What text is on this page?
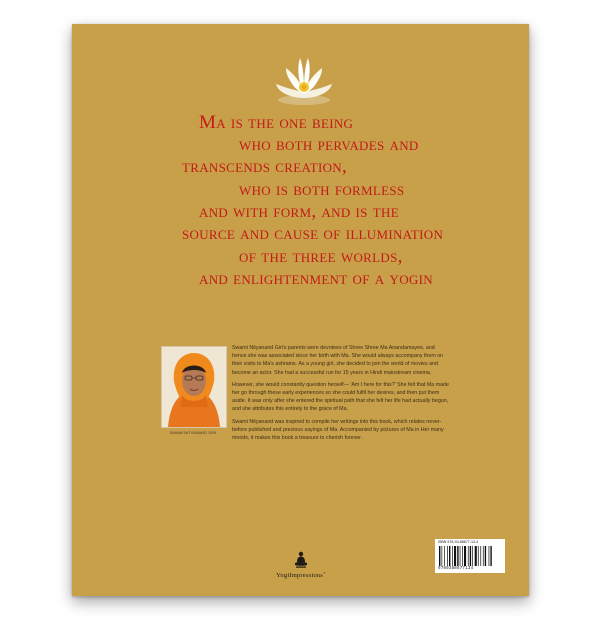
Ma is the one being
who both pervades and
transcends creation,
who is both formless
and with form, and is the
source and cause of illumination
of the three worlds,
and enlightenment of a yogin
SWAMI NITYANAND GIRI

Swami Nityanand Giri's parents were devotees of Shree Shree Ma Anandamayee, and hence she was associated since her birth with Ma. She would always accompany them on their visits to Ma's ashrams. As a young girl, she decided to join the world of movies and become an actor. She had a successful run for 15 years in Hindi mainstream cinema.

However, she would constantly question herself— 'Am I here for this?' She felt that Ma made her go through these early experiences so she could fulfil her desires, and then put them aside. It was only after she entered the spiritual path that she felt her life had actually begun, and she attributes this entirely to the grace of Ma.

Swami Nityanand was inspired to compile her writings into this book, which relates never-before published and precious sayings of Ma. Accompanied by pictures of Ma in Her many moods, it makes this book a treasure to cherish forever.

YogiImpressions®
ISBN 978-93-88677-13-4
9789388677134
